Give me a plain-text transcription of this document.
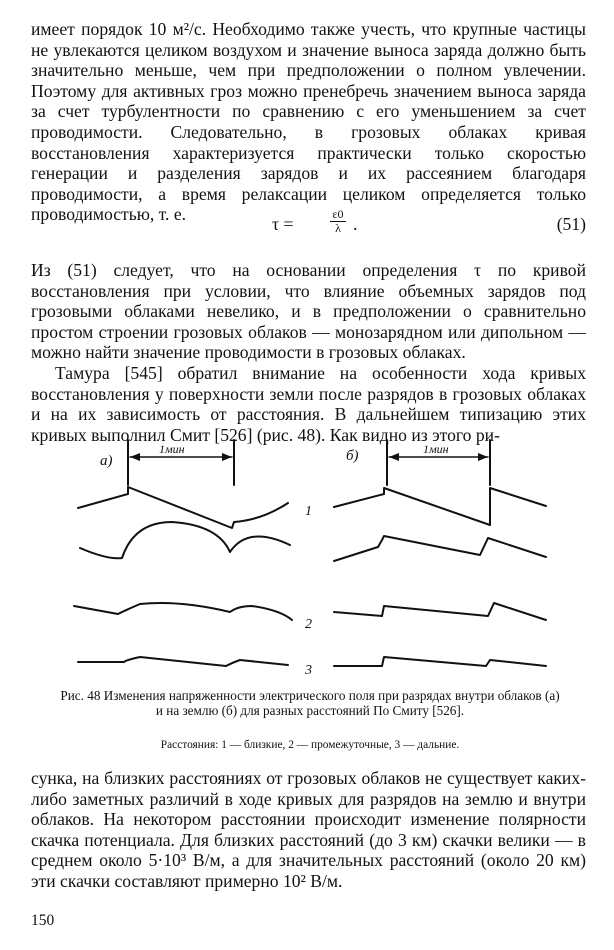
имеет порядок 10 м²/с. Необходимо также учесть, что крупные частицы не увлекаются целиком воздухом и значение выноса заряда должно быть значительно меньше, чем при предположении о полном увлечении. Поэтому для активных гроз можно пренебречь значением выноса заряда за счет турбулентности по сравнению с его уменьшением за счет проводимости. Следовательно, в грозовых облаках кривая восстановления характеризуется практически только скоростью генерации и разделения зарядов и их рассеянием благодаря проводимости, а время релаксации целиком определяется только проводимостью, т. е.	τ =	$\frac{\varepsilon 0}{\lambda}$ .	(51)

Из (51) следует, что на основании определения τ по кривой восстановления при условии, что влияние объемных зарядов под грозовыми облаками невелико, и в предположении о сравнительно простом строении грозовых облаков — монозарядном или дипольном — можно найти значение проводимости в грозовых облаках.

Тамура [545] обратил внимание на особенности хода кривых восстановления у поверхности земли после разрядов в грозовых облаках и на их зависимость от расстояния. В дальнейшем типизацию этих кривых выполнил Смит [526] (рис. 48). Как видно из этого ри-

а)	б)
1мин	1мин
1
2
3
Рис. 48 Изменения напряженности электрического поля при разрядах внутри облаков (а) и на землю (б) для разных расстояний По Смиту [526].
Расстояния: 1 — близкие, 2 — промежуточные, 3 — дальние.

сунка, на близких расстояниях от грозовых облаков не существует каких-либо заметных различий в ходе кривых для разрядов на землю и внутри облаков. На некотором расстоянии происходит изменение полярности скачка потенциала. Для близких расстояний (до 3 км) скачки велики — в среднем около 5·10³ В/м, а для значительных расстояний (около 20 км) эти скачки составляют примерно 10² В/м.

150
